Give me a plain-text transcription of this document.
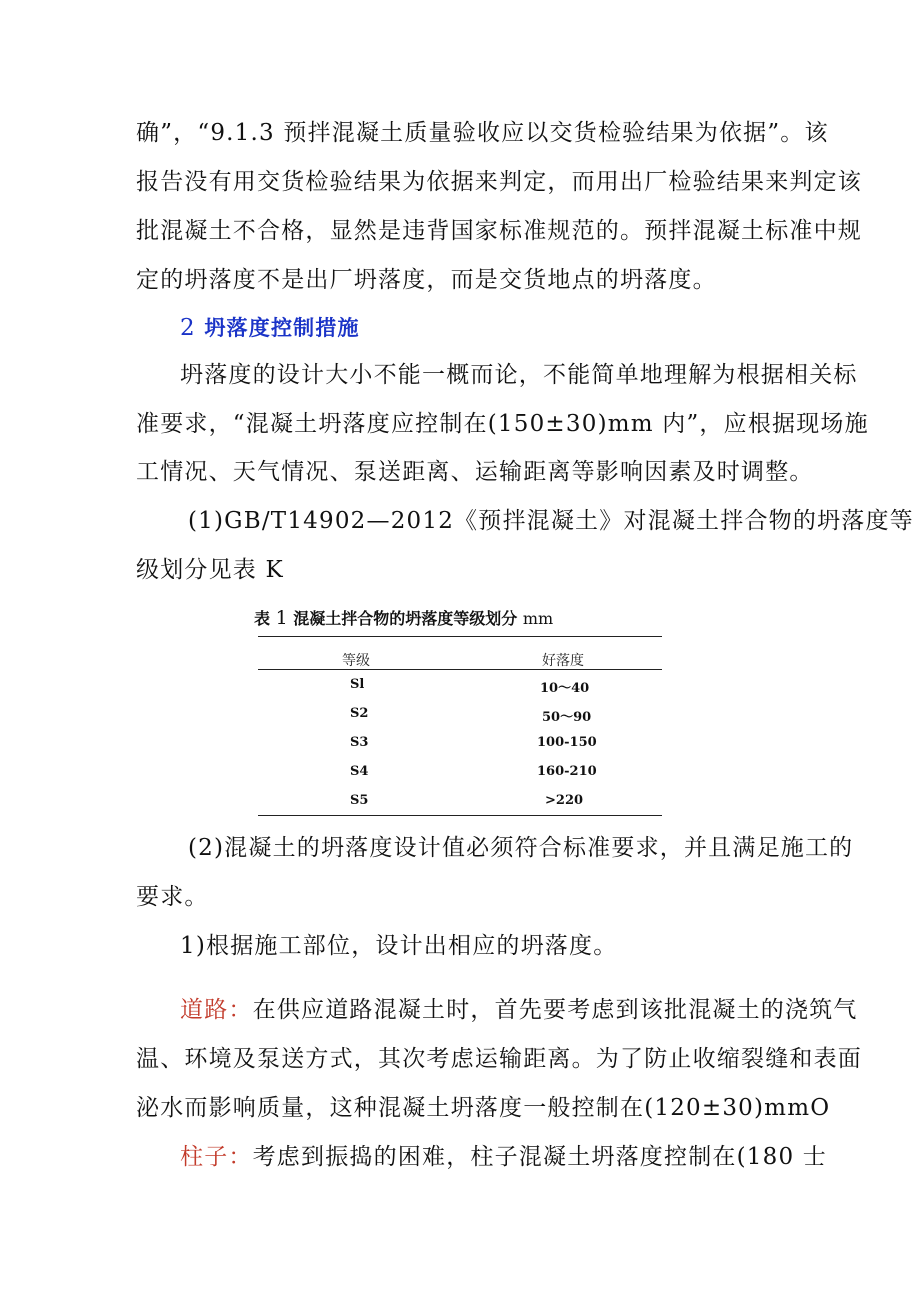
确”，“9.1.3 预拌混凝土质量验收应以交货检验结果为依据”。该
报告没有用交货检验结果为依据来判定，而用出厂检验结果来判定该
批混凝土不合格，显然是违背国家标准规范的。预拌混凝土标准中规
定的坍落度不是出厂坍落度，而是交货地点的坍落度。
2 坍落度控制措施
坍落度的设计大小不能一概而论，不能简单地理解为根据相关标
准要求，“混凝土坍落度应控制在(150±30)mm 内”，应根据现场施
工情况、天气情况、泵送距离、运输距离等影响因素及时调整。
(1)GB/T14902—2012《预拌混凝土》对混凝土拌合物的坍落度等
级划分见表 K
表 1 混凝土拌合物的坍落度等级划分 mm
等级	好落度
Sl	10～40
S2	50～90
S3	100-150
S4	160-210
S5	>220
(2)混凝土的坍落度设计值必须符合标准要求，并且满足施工的
要求。
1)根据施工部位，设计出相应的坍落度。
道路：在供应道路混凝土时，首先要考虑到该批混凝土的浇筑气
温、环境及泵送方式，其次考虑运输距离。为了防止收缩裂缝和表面
泌水而影响质量，这种混凝土坍落度一般控制在(120±30)mmO
柱子：考虑到振捣的困难，柱子混凝土坍落度控制在(180 士
